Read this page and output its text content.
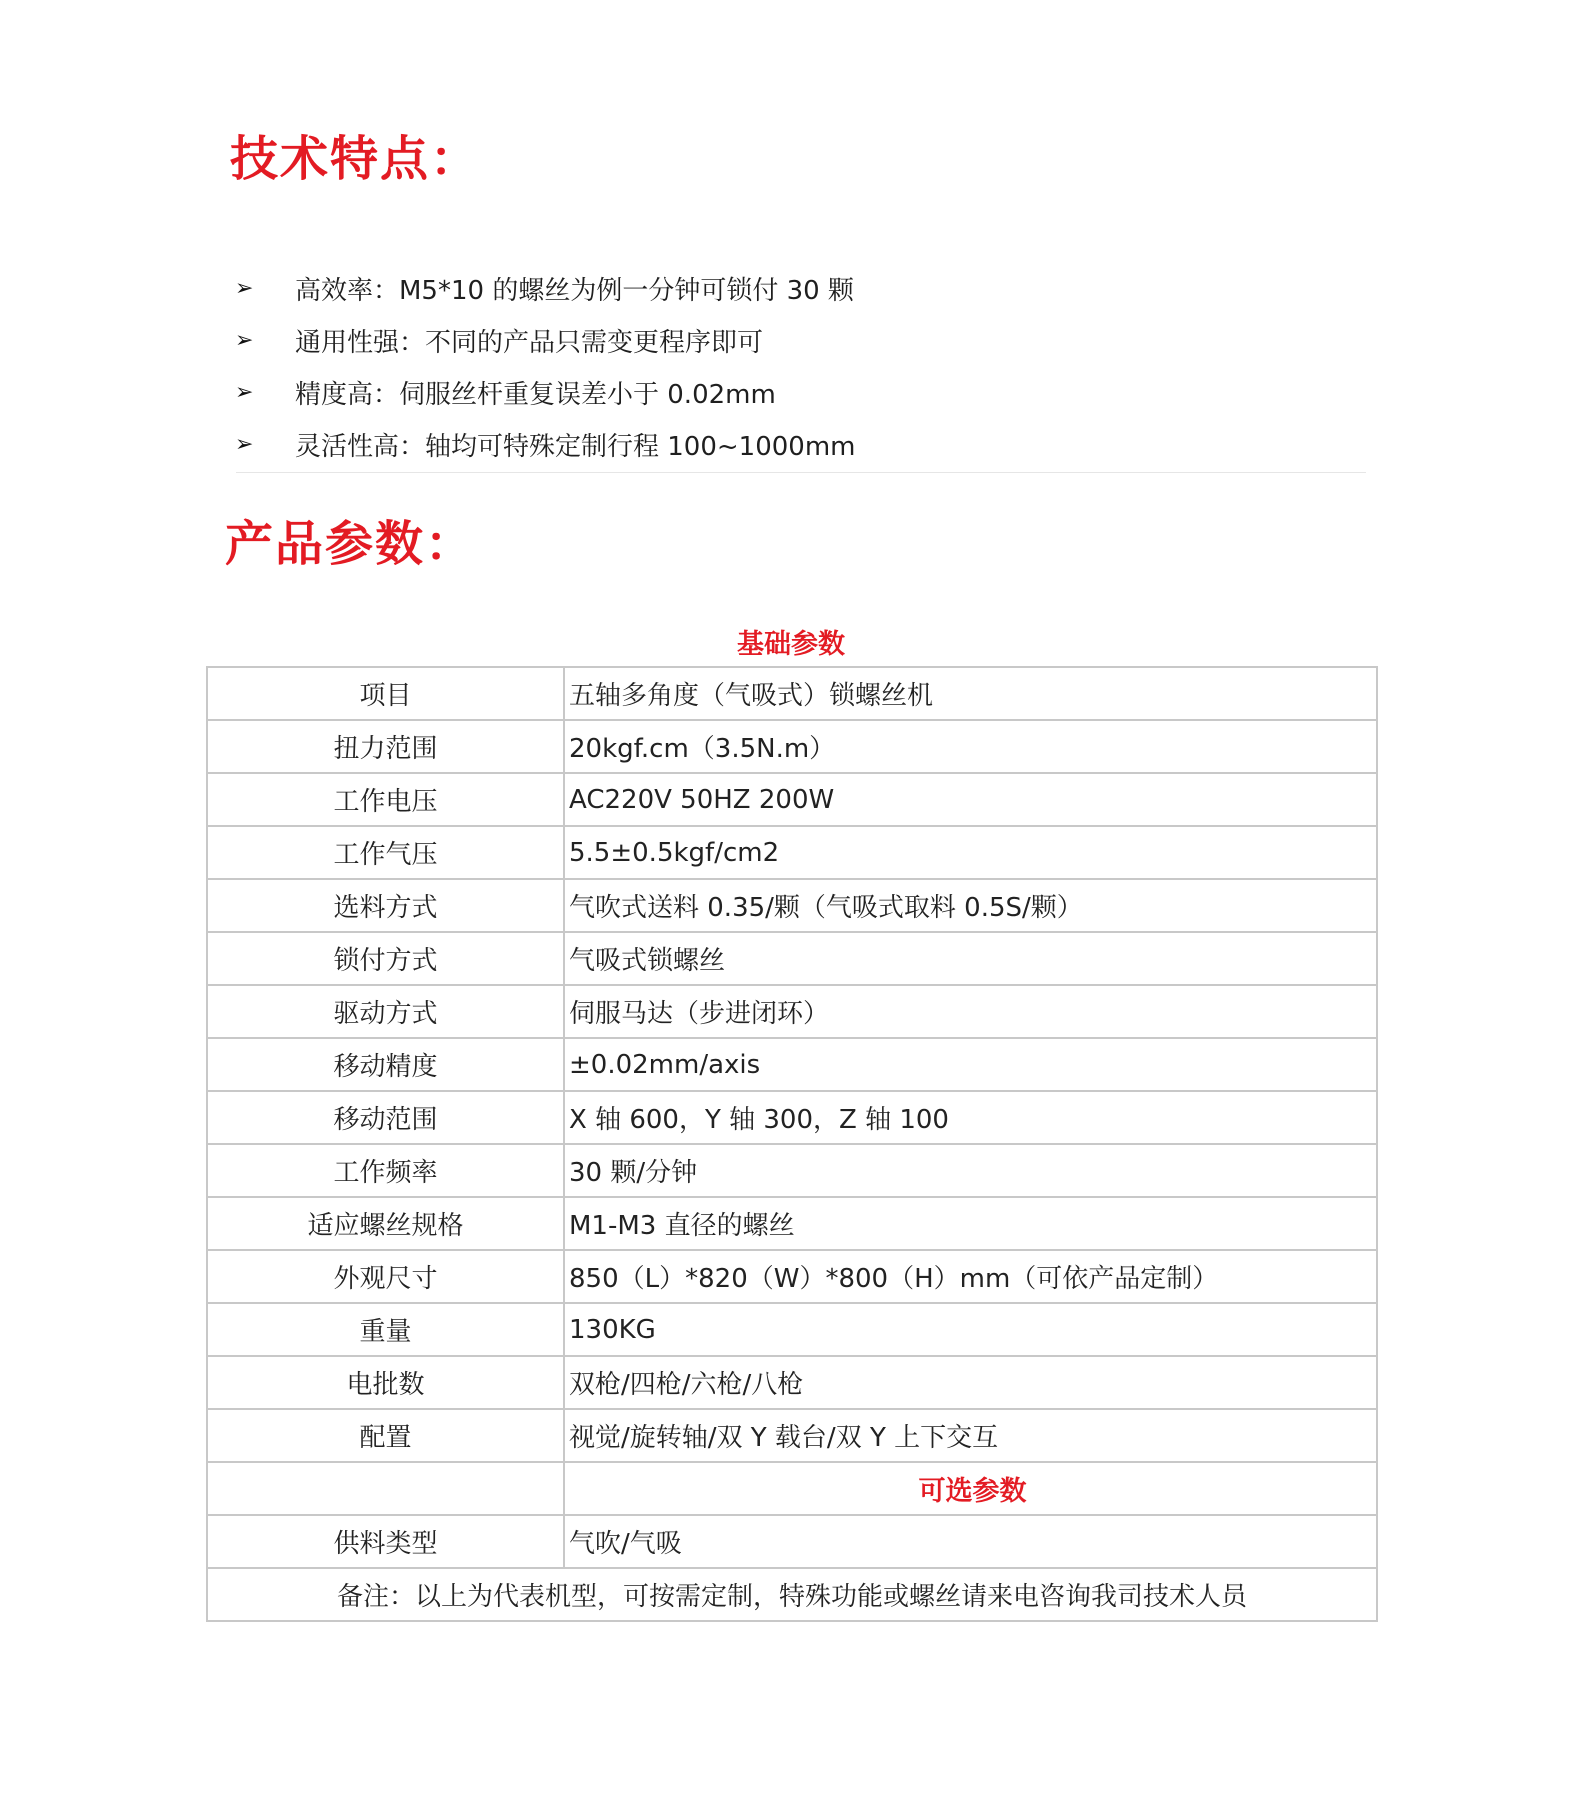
技术特点：
➢	高效率：M5*10 的螺丝为例一分钟可锁付 30 颗
➢	通用性强：不同的产品只需变更程序即可
➢	精度高：伺服丝杆重复误差小于 0.02mm
➢	灵活性高：轴均可特殊定制行程 100~1000mm
产品参数：
基础参数
项目	五轴多角度（气吸式）锁螺丝机
扭力范围	20kgf.cm（3.5N.m）
工作电压	AC220V 50HZ 200W
工作气压	5.5±0.5kgf/cm2
选料方式	气吹式送料 0.35/颗（气吸式取料 0.5S/颗）
锁付方式	气吸式锁螺丝
驱动方式	伺服马达（步进闭环）
移动精度	±0.02mm/axis
移动范围	X 轴 600，Y 轴 300，Z 轴 100
工作频率	30 颗/分钟
适应螺丝规格	M1-M3 直径的螺丝
外观尺寸	850（L）*820（W）*800（H）mm（可依产品定制）
重量	130KG
电批数	双枪/四枪/六枪/八枪
配置	视觉/旋转轴/双 Y 载台/双 Y 上下交互
	可选参数
供料类型	气吹/气吸
备注：以上为代表机型，可按需定制，特殊功能或螺丝请来电咨询我司技术人员	
